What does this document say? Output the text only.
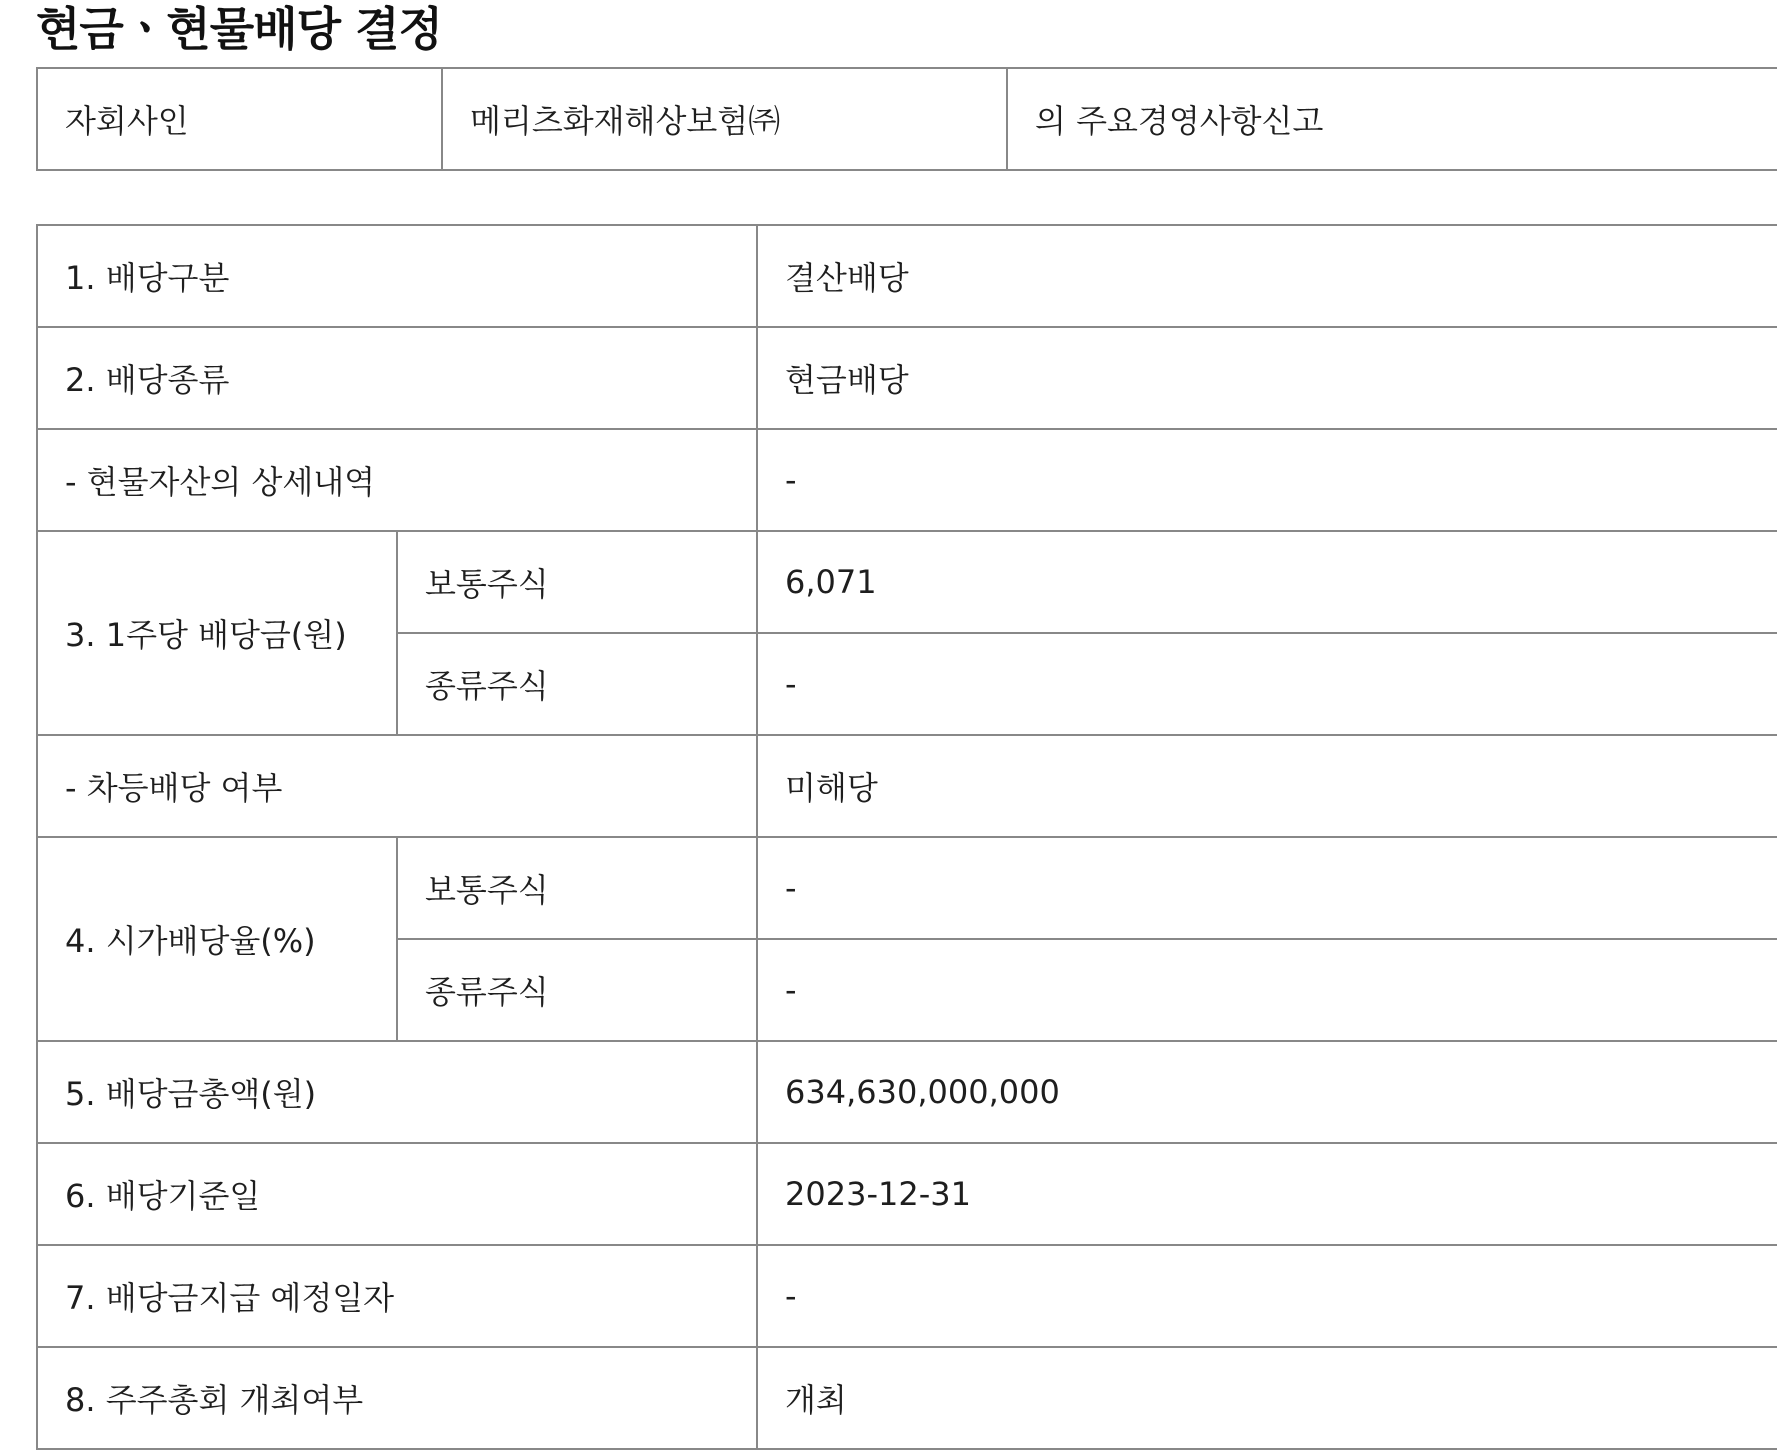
현금ㆍ현물배당 결정
자회사인	메리츠화재해상보험㈜	의 주요경영사항신고
1. 배당구분		결산배당
2. 배당종류		현금배당
- 현물자산의 상세내역		-
3. 1주당 배당금(원)	보통주식	6,071
	종류주식	-
- 차등배당 여부		미해당
4. 시가배당율(%)	보통주식	-
	종류주식	-
5. 배당금총액(원)		634,630,000,000
6. 배당기준일		2023-12-31
7. 배당금지급 예정일자		-
8. 주주총회 개최여부		개최
